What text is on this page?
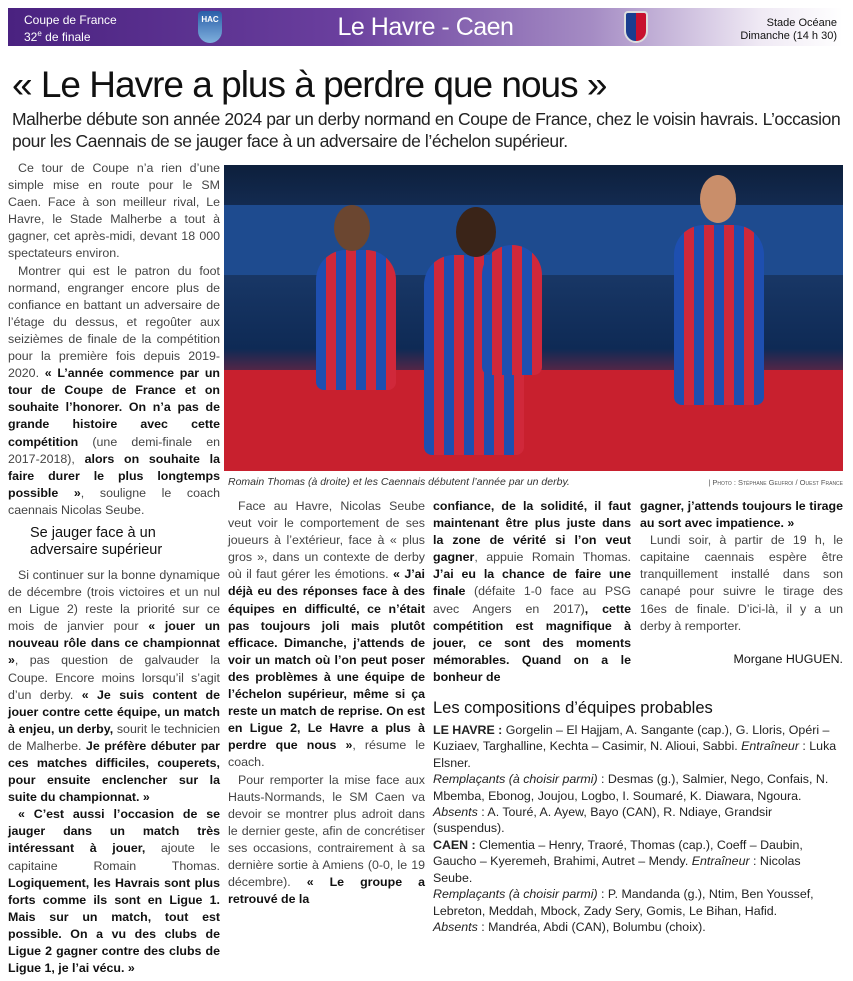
Coupe de France
32e de finale
HAC	Le Havre - Caen	Stade Océane
Dimanche (14 h 30)
« Le Havre a plus à perdre que nous »
Malherbe débute son année 2024 par un derby normand en Coupe de France, chez le voisin havrais. L’occasion pour les Caennais de se jauger face à un adversaire de l’échelon supérieur.

Ce tour de Coupe n’a rien d’une simple mise en route pour le SM Caen. Face à son meilleur rival, Le Havre, le Stade Malherbe a tout à gagner, cet après-midi, devant 18 000 spectateurs environ.

Montrer qui est le patron du foot normand, engranger encore plus de confiance en battant un adversaire de l’étage du dessus, et regoûter aux seizièmes de finale de la compétition pour la première fois depuis 2019-2020. « L’année commence par un tour de Coupe de France et on souhaite l’honorer. On n’a pas de grande histoire avec cette compétition (une demi-finale en 2017-2018), alors on souhaite la faire durer le plus longtemps possible », souligne le coach caennais Nicolas Seube.

Se jauger face à un adversaire supérieur

Si continuer sur la bonne dynamique de décembre (trois victoires et un nul en Ligue 2) reste la priorité sur ce mois de janvier pour « jouer un nouveau rôle dans ce championnat », pas question de galvauder la Coupe. Encore moins lorsqu’il s’agit d’un derby. « Je suis content de jouer contre cette équipe, un match à enjeu, un derby, sourit le technicien de Malherbe. Je préfère débuter par ces matches difficiles, couperets, pour ensuite enclencher sur la suite du championnat. »

« C’est aussi l’occasion de se jauger dans un match très intéressant à jouer, ajoute le capitaine Romain Thomas. Logiquement, les Havrais sont plus forts comme ils sont en Ligue 1. Mais sur un match, tout est possible. On a vu des clubs de Ligue 2 gagner contre des clubs de Ligue 1, je l’ai vécu. »

Romain Thomas (à droite) et les Caennais débutent l’année par un derby.	| Photo : Stéphane Geufroi / Ouest France

Face au Havre, Nicolas Seube veut voir le comportement de ses joueurs à l’extérieur, face à « plus gros », dans un contexte de derby où il faut gérer les émotions. « J’ai déjà eu des réponses face à des équipes en difficulté, ce n’était pas toujours joli mais plutôt efficace. Dimanche, j’attends de voir un match où l’on peut poser des problèmes à une équipe de l’échelon supérieur, même si ça reste un match de reprise. On est en Ligue 2, Le Havre a plus à perdre que nous », résume le coach.

Pour remporter la mise face aux Hauts-Normands, le SM Caen va devoir se montrer plus adroit dans le dernier geste, afin de concrétiser ses occasions, contrairement à sa dernière sortie à Amiens (0-0, le 19 décembre). « Le groupe a retrouvé de la

confiance, de la solidité, il faut maintenant être plus juste dans la zone de vérité si l’on veut gagner, appuie Romain Thomas. J’ai eu la chance de faire une finale (défaite 1-0 face au PSG avec Angers en 2017), cette compétition est magnifique à jouer, ce sont des moments mémorables. Quand on a le bonheur de

gagner, j’attends toujours le tirage au sort avec impatience. »

Lundi soir, à partir de 19 h, le capitaine caennais espère être tranquillement installé dans son canapé pour suivre le tirage des 16es de finale. D’ici-là, il y a un derby à remporter.

Morgane HUGUEN.
Les compositions d’équipes probables
LE HAVRE : Gorgelin – El Hajjam, A. Sangante (cap.), G. Lloris, Opéri – Kuziaev, Targhalline, Kechta – Casimir, N. Alioui, Sabbi. Entraîneur : Luka Elsner.
Remplaçants (à choisir parmi) : Desmas (g.), Salmier, Nego, Confais, N. Mbemba, Ebonog, Joujou, Logbo, I. Soumaré, K. Diawara, Ngoura.
Absents : A. Touré, A. Ayew, Bayo (CAN), R. Ndiaye, Grandsir (suspendus).
CAEN : Clementia – Henry, Traoré, Thomas (cap.), Coeff – Daubin, Gaucho – Kyeremeh, Brahimi, Autret – Mendy. Entraîneur : Nicolas Seube.
Remplaçants (à choisir parmi) : P. Mandanda (g.), Ntim, Ben Youssef, Lebreton, Meddah, Mbock, Zady Sery, Gomis, Le Bihan, Hafid.
Absents : Mandréa, Abdi (CAN), Bolumbu (choix).
